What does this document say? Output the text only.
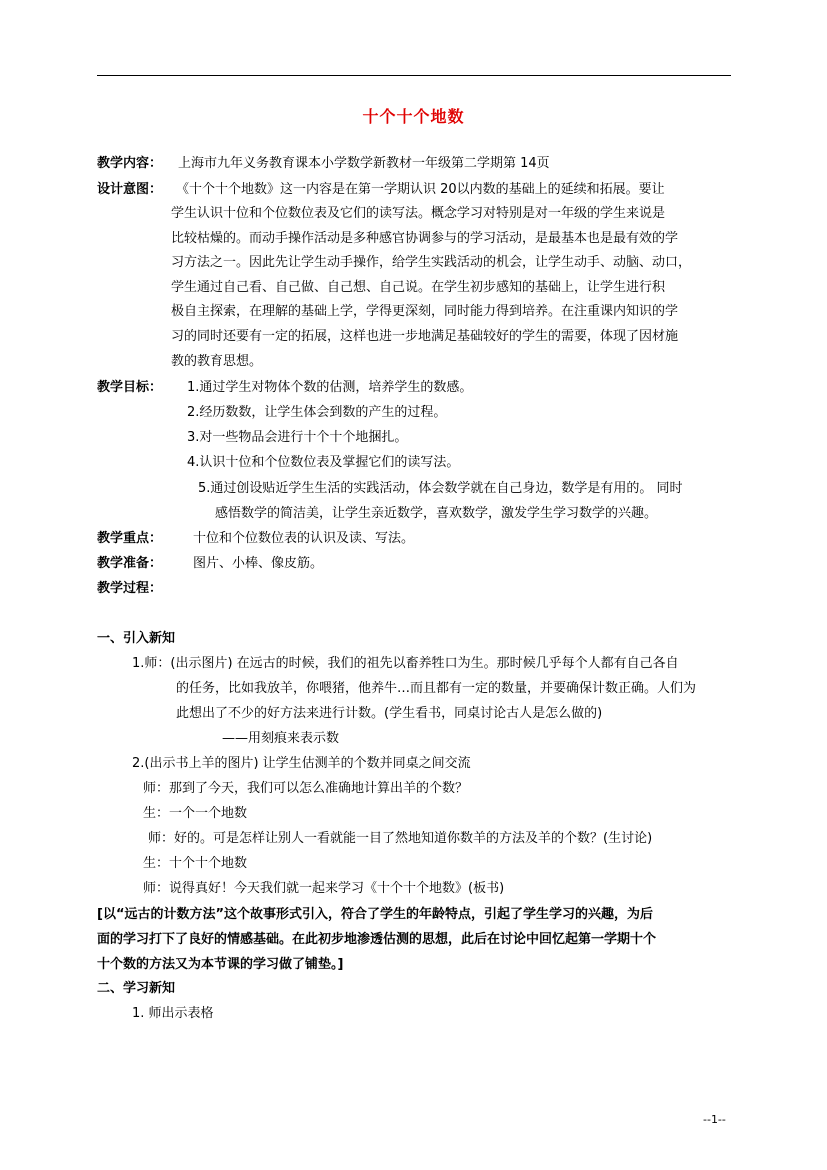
十个十个地数
教学内容： 上海市九年义务教育课本小学数学新教材一年级第二学期第 14页
设计意图： 《十个十个地数》这一内容是在第一学期认识 20以内数的基础上的延续和拓展。要让
学生认识十位和个位数位表及它们的读写法。概念学习对特别是对一年级的学生来说是
比较枯燥的。而动手操作活动是多种感官协调参与的学习活动，是最基本也是最有效的学
习方法之一。因此先让学生动手操作，给学生实践活动的机会，让学生动手、动脑、动口，
学生通过自己看、自己做、自己想、自己说。在学生初步感知的基础上，让学生进行积
极自主探索，在理解的基础上学，学得更深刻，同时能力得到培养。在注重课内知识的学
习的同时还要有一定的拓展，这样也进一步地满足基础较好的学生的需要，体现了因材施
教的教育思想。
教学目标： 1.通过学生对物体个数的估测，培养学生的数感。
2.经历数数，让学生体会到数的产生的过程。
3.对一些物品会进行十个十个地捆扎。
4.认识十位和个位数位表及掌握它们的读写法。
5.通过创设贴近学生生活的实践活动，体会数学就在自己身边，数学是有用的。 同时
感悟数学的简洁美，让学生亲近数学，喜欢数学，激发学生学习数学的兴趣。
教学重点： 十位和个位数位表的认识及读、写法。
教学准备： 图片、小棒、像皮筋。
教学过程：
一、引入新知
1.师：(出示图片) 在远古的时候，我们的祖先以畜养牲口为生。那时候几乎每个人都有自己各自
的任务，比如我放羊，你喂猪，他养牛…而且都有一定的数量，并要确保计数正确。人们为
此想出了不少的好方法来进行计数。(学生看书，同桌讨论古人是怎么做的)
——用刻痕来表示数
2.(出示书上羊的图片) 让学生估测羊的个数并同桌之间交流
师：那到了今天，我们可以怎么准确地计算出羊的个数？
生：一个一个地数
师：好的。可是怎样让别人一看就能一目了然地知道你数羊的方法及羊的个数？(生讨论)
生：十个十个地数
师：说得真好！今天我们就一起来学习《十个十个地数》(板书)
[以“远古的计数方法”这个故事形式引入，符合了学生的年龄特点，引起了学生学习的兴趣，为后
面的学习打下了良好的情感基础。在此初步地渗透估测的思想，此后在讨论中回忆起第一学期十个
十个数的方法又为本节课的学习做了铺垫。]
二、学习新知
1. 师出示表格
--1--
